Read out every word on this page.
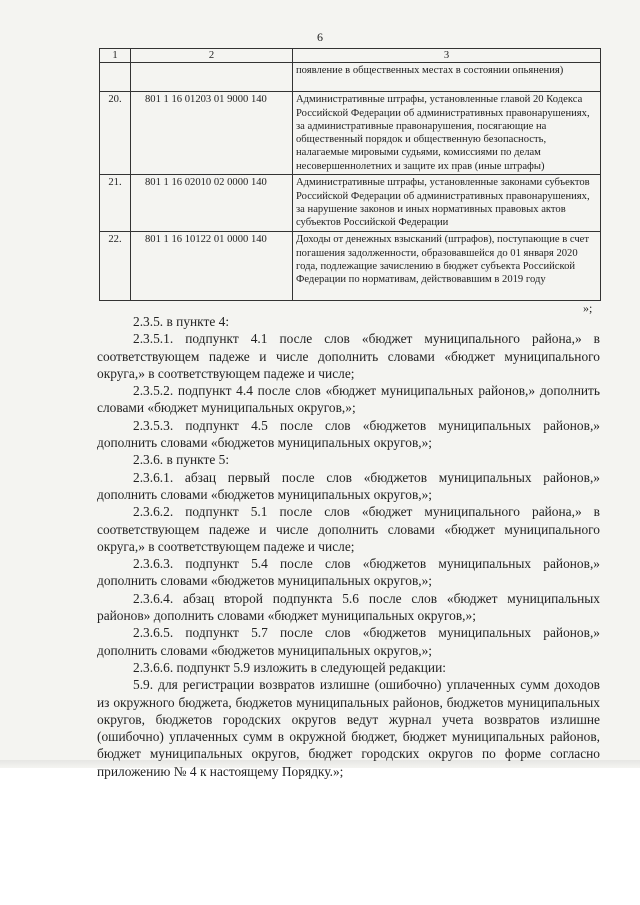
6
1	2	3
		появление в общественных местах в состоянии опьянения)
20.	801 1 16 01203 01 9000 140	Административные штрафы, установленные главой 20 Кодекса Российской Федерации об административных правонарушениях, за административные правонарушения, посягающие на общественный порядок и общественную безопасность, налагаемые мировыми судьями, комиссиями по делам несовершеннолетних и защите их прав (иные штрафы)
21.	801 1 16 02010 02 0000 140	Административные штрафы, установленные законами субъектов Российской Федерации об административных правонарушениях, за нарушение законов и иных нормативных правовых актов субъектов Российской Федерации
22.	801 1 16 10122 01 0000 140	Доходы от денежных взысканий (штрафов), поступающие в счет погашения задолженности, образовавшейся до 01 января 2020 года, подлежащие зачислению в бюджет субъекта Российской Федерации по нормативам, действовавшим в 2019 году
»;

2.3.5. в пункте 4:

2.3.5.1. подпункт 4.1 после слов «бюджет муниципального района,» в соответствующем падеже и числе дополнить словами «бюджет муниципального округа,» в соответствующем падеже и числе;

2.3.5.2. подпункт 4.4 после слов «бюджет муниципальных районов,» дополнить словами «бюджет муниципальных округов,»;

2.3.5.3. подпункт 4.5 после слов «бюджетов муниципальных районов,» дополнить словами «бюджетов муниципальных округов,»;

2.3.6. в пункте 5:

2.3.6.1. абзац первый после слов «бюджетов муниципальных районов,» дополнить словами «бюджетов муниципальных округов,»;

2.3.6.2. подпункт 5.1 после слов «бюджет муниципального района,» в соответствующем падеже и числе дополнить словами «бюджет муниципального округа,» в соответствующем падеже и числе;

2.3.6.3. подпункт 5.4 после слов «бюджетов муниципальных районов,» дополнить словами «бюджетов муниципальных округов,»;

2.3.6.4. абзац второй подпункта 5.6 после слов «бюджет муниципальных районов» дополнить словами «бюджет муниципальных округов,»;

2.3.6.5. подпункт 5.7 после слов «бюджетов муниципальных районов,» дополнить словами «бюджетов муниципальных округов,»;

2.3.6.6. подпункт 5.9 изложить в следующей редакции:

5.9. для регистрации возвратов излишне (ошибочно) уплаченных сумм доходов из окружного бюджета, бюджетов муниципальных районов, бюджетов муниципальных округов, бюджетов городских округов ведут журнал учета возвратов излишне (ошибочно) уплаченных сумм в окружной бюджет, бюджет муниципальных районов, бюджет муниципальных округов, бюджет городских округов по форме согласно приложению № 4 к настоящему Порядку.»;
